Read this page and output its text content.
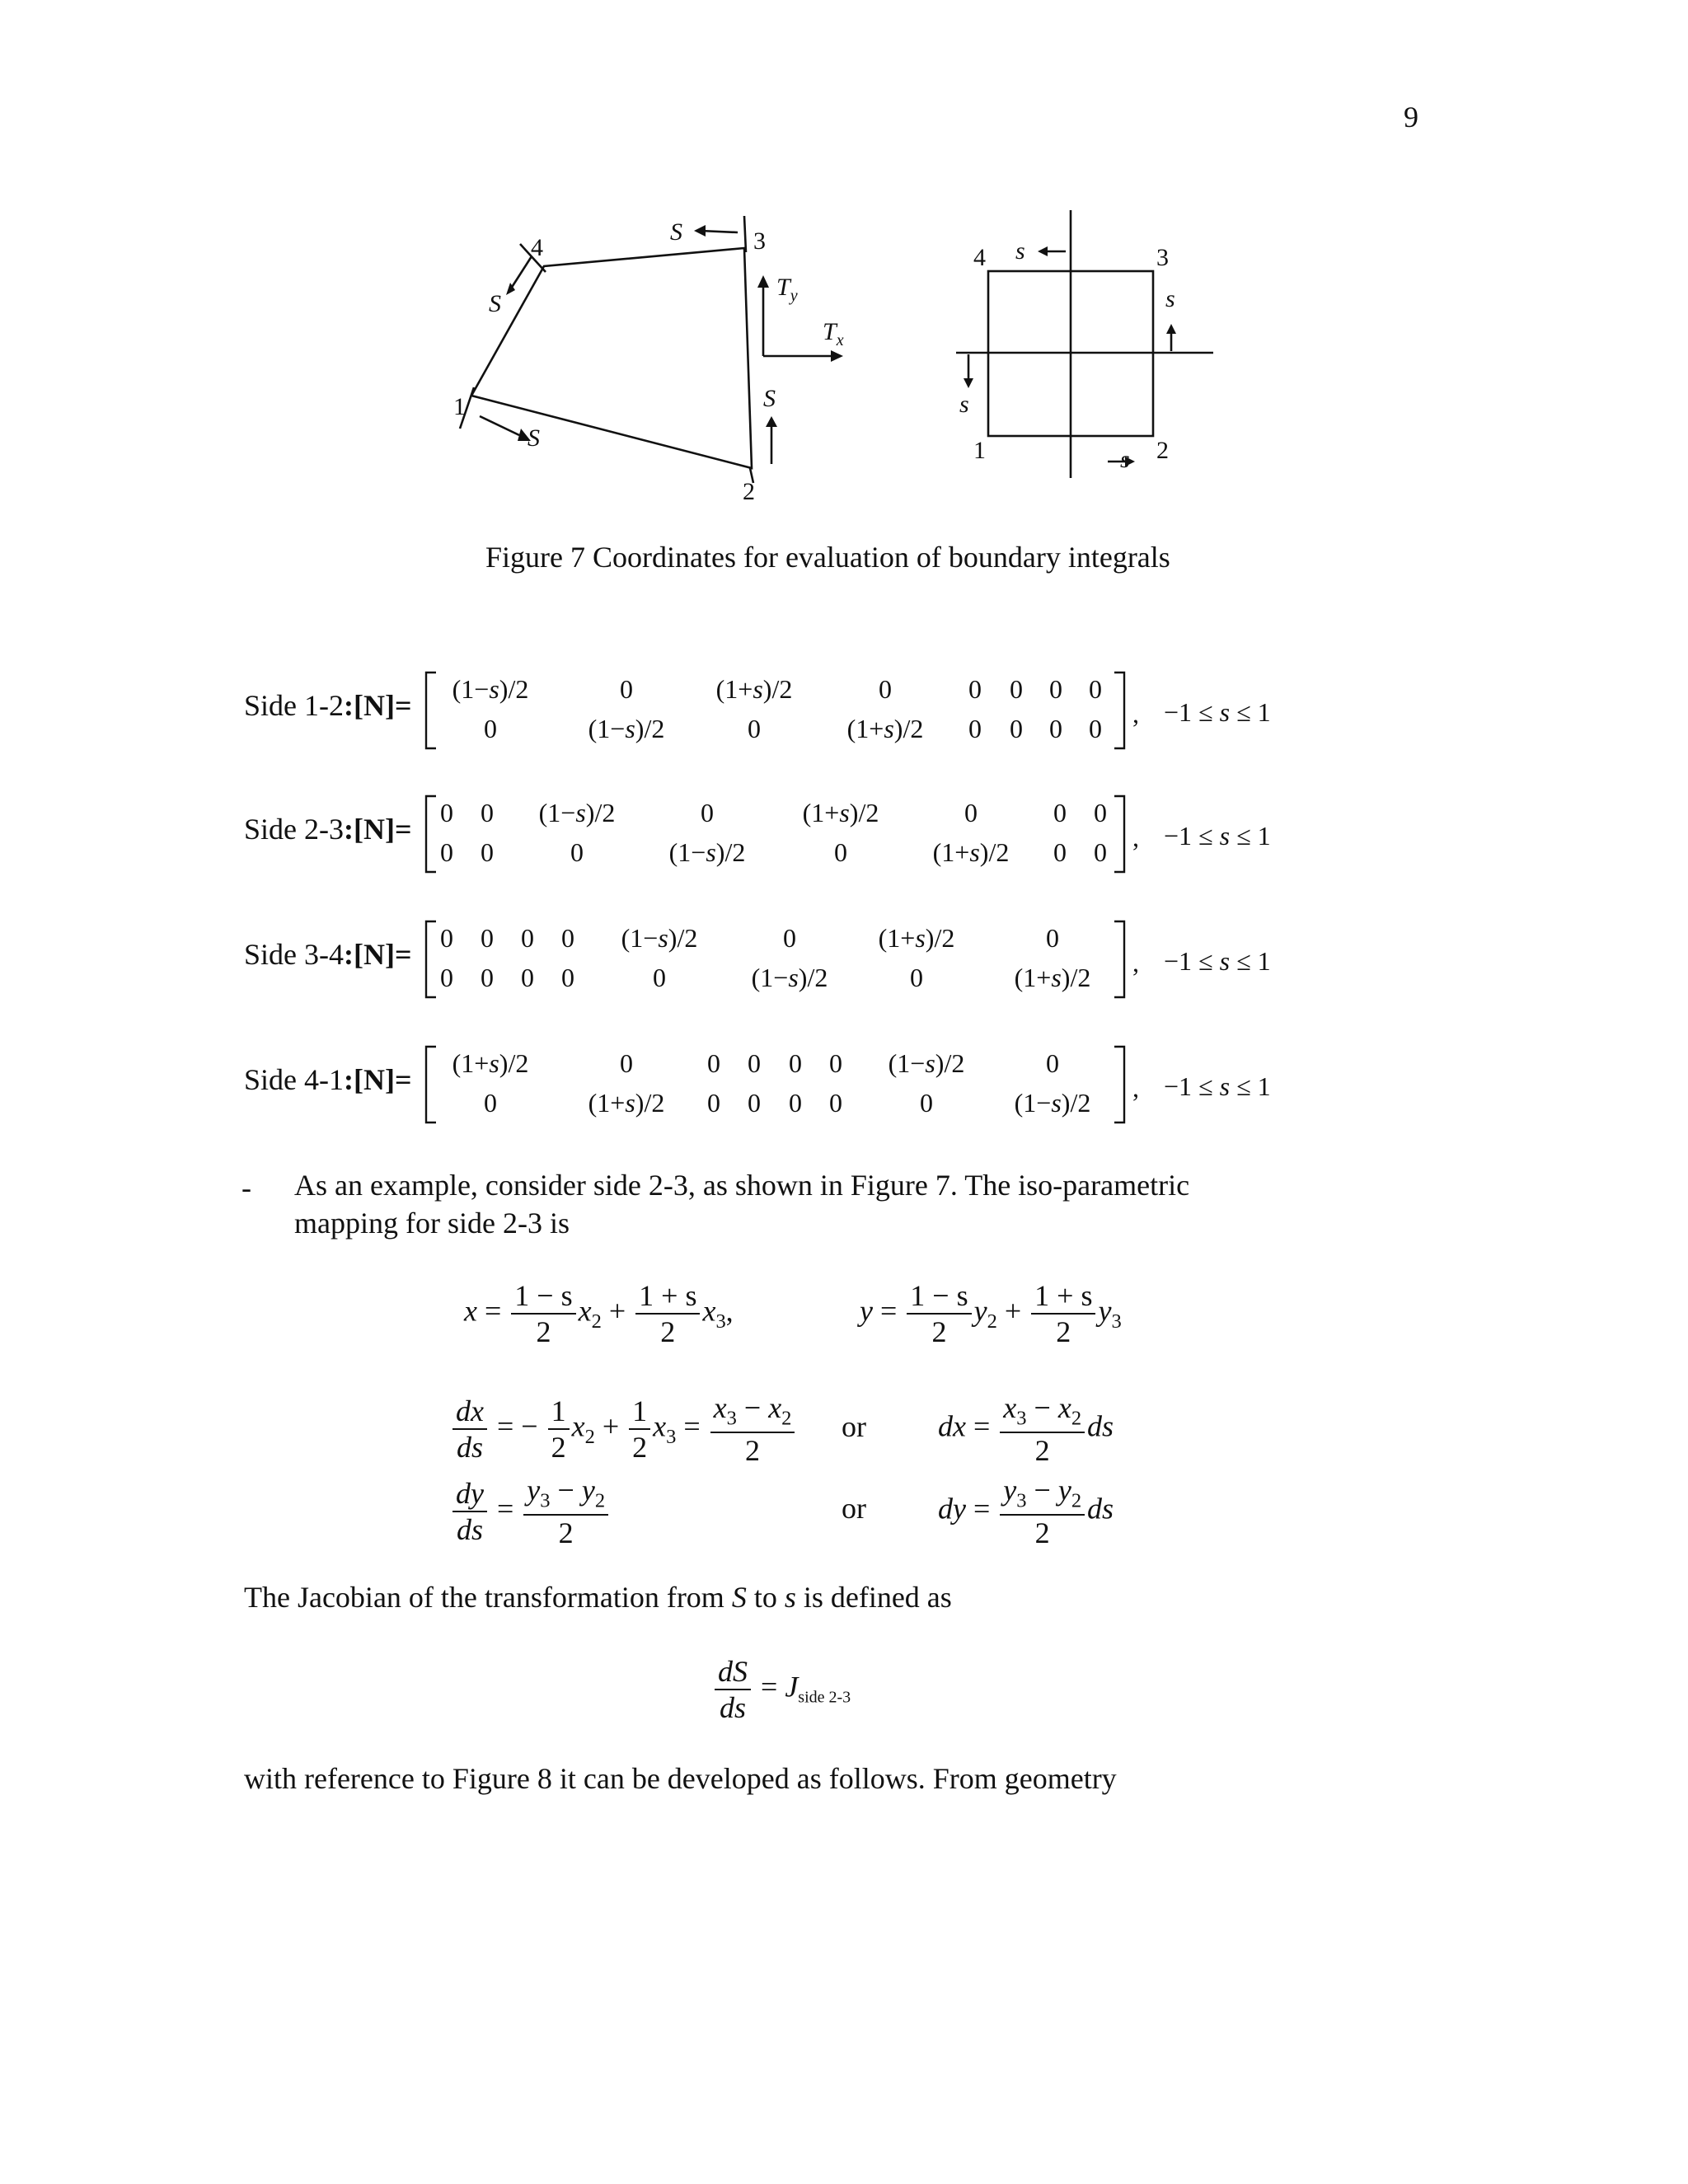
9
1
2
3
4
S
S
S
S
$T_y$
$T_x$
4	3
1	2
s
s
s
s
Figure 7 Coordinates for evaluation of boundary integrals
Side 1-2:[N]= (1−s)/2	0	(1+s)/2	0	0 0 0 0
0	(1−s)/2	0	(1+s)/2 0 0 0 0 , −1 ≤ s ≤ 1
Side 2-3:[N]= 0 0 (1−s)/2	0	(1+s)/2	0	0 0
0 0	0	(1−s)/2	0	(1+s)/2 0 0 , −1 ≤ s ≤ 1
Side 3-4:[N]= 0 0 0 0 (1−s)/2	0	(1+s)/2	0
0 0 0 0	0	(1−s)/2	0	(1+s)/2 , −1 ≤ s ≤ 1
Side 4-1:[N]= (1+s)/2	0	0 0 0 0 (1−s)/2	0
0	(1+s)/2 0 0 0 0	0	(1−s)/2 , −1 ≤ s ≤ 1
- As an example, consider side 2-3, as shown in Figure 7. The iso-parametric
mapping for side 2-3 is
$x = \frac{1 - s}{2} x_2 + \frac{1 + s}{2} x_3$,	$y = \frac{1 - s}{2} y_2 + \frac{1 + s}{2} y_3$
$\frac{dx}{ds}$ = − $\frac{1}{2} x_2 + \frac{1}{2} x_3 = \frac{x_3 - x_2}{2}$ or dx = $\frac{x_3 - x_2}{2}$ ds
$\frac{dy}{ds} = \frac{y_3 - y_2}{2}$	or dy = $\frac{y_3 - y_2}{2}$ ds
The Jacobian of the transformation from S to s is defined as
$\frac{dS}{ds} = J_{side 2-3}$
with reference to Figure 8 it can be developed as follows. From geometry
